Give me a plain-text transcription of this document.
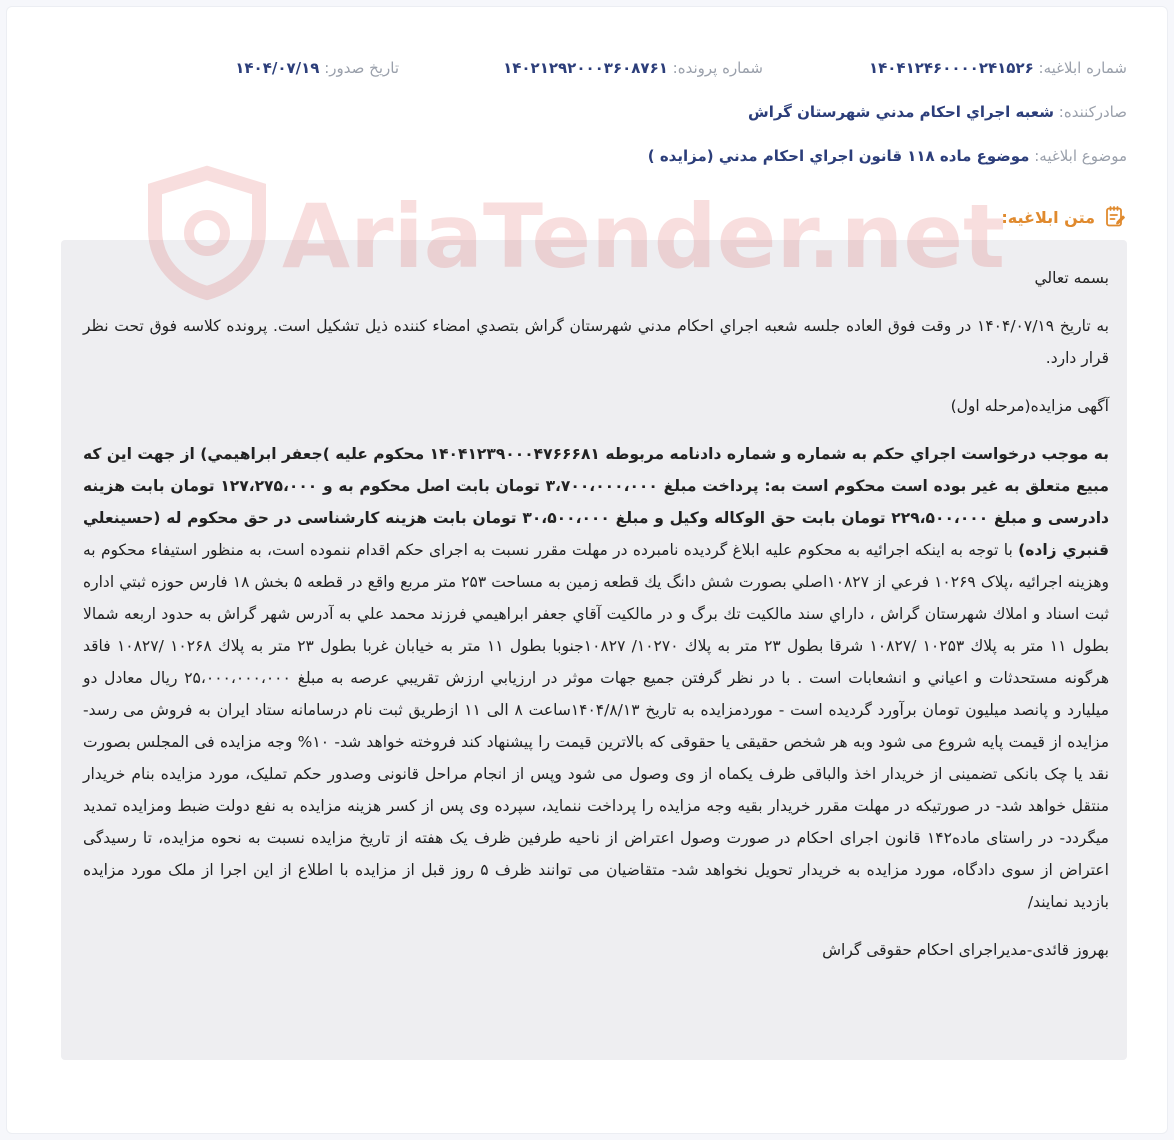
شماره ابلاغیه: ۱۴۰۴۱۲۴۶۰۰۰۰۲۴۱۵۲۶
شماره پرونده: ۱۴۰۲۱۲۹۲۰۰۰۳۶۰۸۷۶۱
تاریخ صدور: ۱۴۰۴/۰۷/۱۹
صادرکننده: شعبه اجراي احکام مدني شهرستان گراش
موضوع ابلاغیه: موضوع ماده ۱۱۸ قانون اجراي احکام مدني (مزايده )
متن ابلاغیه:

بسمه تعالي

به تاريخ ۱۴۰۴/۰۷/۱۹ در وقت فوق العاده جلسه شعبه اجراي احکام مدني شهرستان گراش بتصدي امضاء کننده ذيل تشکيل است. پرونده کلاسه فوق تحت نظر قرار دارد.

آگهی مزایده(مرحله اول)

به موجب درخواست اجراي حکم به شماره و شماره دادنامه مربوطه ۱۴۰۴۱۲۳۹۰۰۰۴۷۶۶۶۸۱ محکوم علیه )جعفر ابراهیمي) از جهت این که مبیع متعلق به غیر بوده است محکوم است به: پرداخت مبلغ ۳،۷۰۰،۰۰۰،۰۰۰ تومان بابت اصل محکوم به و ۱۲۷،۲۷۵،۰۰۰ تومان بابت هزینه دادرسی و مبلغ ۲۲۹،۵۰۰،۰۰۰ تومان بابت حق الوکاله وکیل و مبلغ ۳۰،۵۰۰،۰۰۰ تومان بابت هزینه کارشناسی در حق محکوم له (حسینعلي قنبري زاده) با توجه به اینکه اجرائیه به محکوم علیه ابلاغ گردیده نامبرده در مهلت مقرر نسبت به اجرای حکم اقدام ننموده است، به منظور استیفاء محکوم به وهزینه اجرائیه ،پلاک ۱۰۲۶۹ فرعي از ۱۰۸۲۷اصلي بصورت شش دانگ يك قطعه زمين به مساحت ۲۵۳ متر مربع واقع در قطعه ۵ بخش ۱۸ فارس حوزه ثبتي اداره ثبت اسناد و املاك شهرستان گراش ، داراي سند مالكيت تك برگ و در مالكيت آقاي جعفر ابراهيمي فرزند محمد علي به آدرس شهر گراش به حدود اربعه شمالا بطول ۱۱ متر به پلاك ۱۰۲۵۳ /۱۰۸۲۷ شرقا بطول ۲۳ متر به پلاك ۱۰۲۷۰/ ۱۰۸۲۷جنوبا بطول ۱۱ متر به خيابان غربا بطول ۲۳ متر به پلاك ۱۰۲۶۸ /۱۰۸۲۷ فاقد هرگونه مستحدثات و اعياني و انشعابات است . با در نظر گرفتن جمیع جهات موثر در ارزیابي ارزش تقريبي عرصه به مبلغ ۲۵،۰۰۰،۰۰۰،۰۰۰ ريال معادل دو ميليارد و پانصد ميليون تومان برآورد گرديده است - موردمزایده به تاریخ ۱۴۰۴/۸/۱۳ساعت ۸ الی ۱۱ ازطریق ثبت نام درسامانه ستاد ایران به فروش می رسد- مزایده از قیمت پایه شروع می شود وبه هر شخص حقیقی یا حقوقی که بالاترین قیمت را پیشنهاد کند فروخته خواهد شد- ۱۰% وجه مزایده فی المجلس بصورت نقد یا چک بانکی تضمینی از خریدار اخذ والباقی ظرف یکماه از وی وصول می شود وپس از انجام مراحل قانونی وصدور حکم تملیک، مورد مزایده بنام خریدار منتقل خواهد شد- در صورتیکه در مهلت مقرر خریدار بقیه وجه مزایده را پرداخت ننماید، سپرده وی پس از کسر هزینه مزایده به نفع دولت ضبط ومزایده تمدید میگردد- در راستای ماده۱۴۲ قانون اجرای احکام در صورت وصول اعتراض از ناحیه طرفین ظرف یک هفته از تاریخ مزایده نسبت به نحوه مزایده، تا رسیدگی اعتراض از سوی دادگاه، مورد مزایده به خریدار تحویل نخواهد شد- متقاضیان می توانند ظرف ۵ روز قبل از مزایده با اطلاع از این اجرا از ملک مورد مزایده بازدید نمایند/

بهروز قائدی-مدیراجرای احکام حقوقی گراش

AriaTender.net
